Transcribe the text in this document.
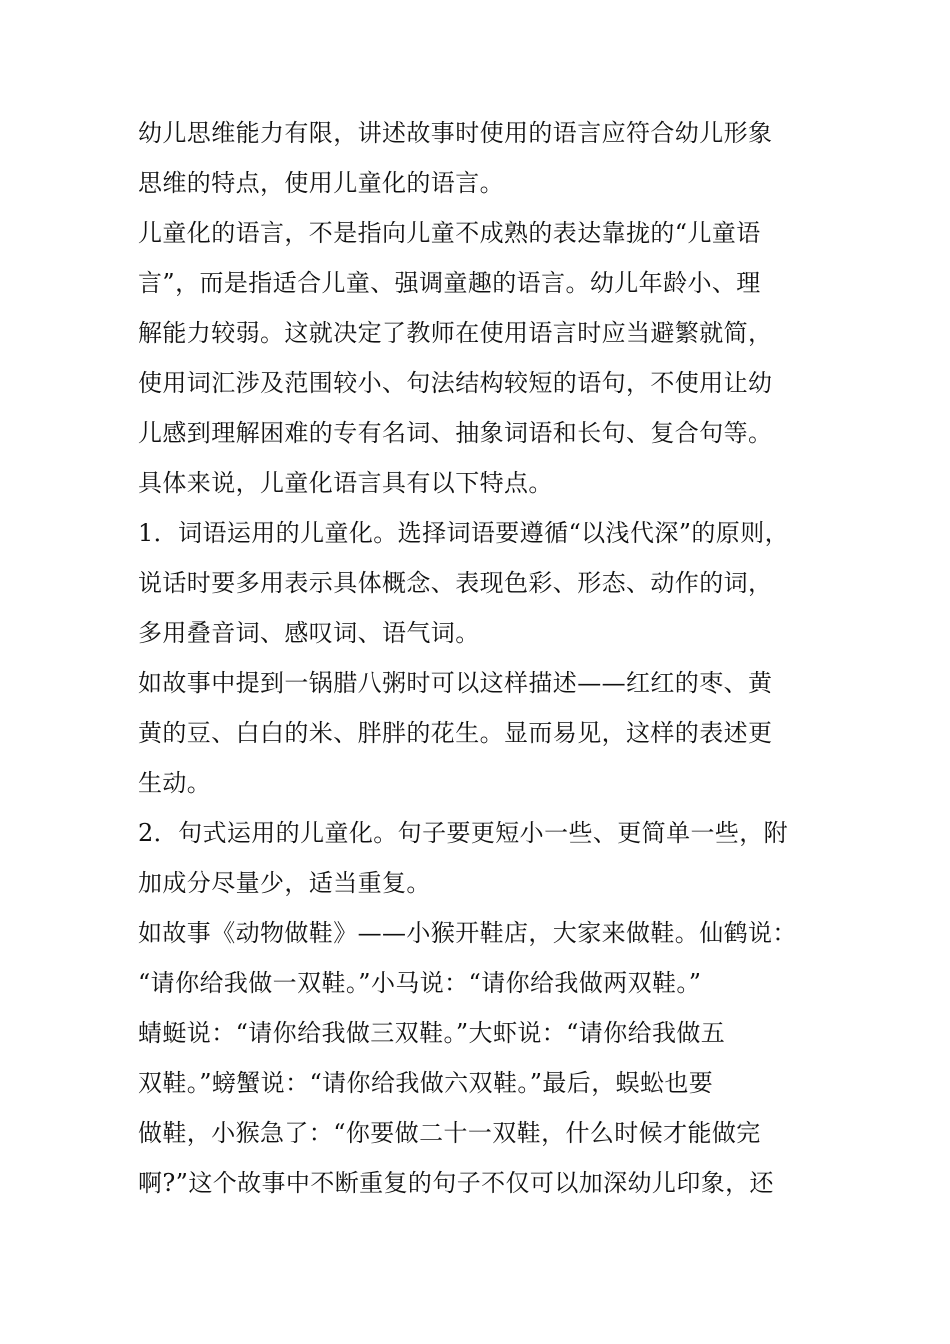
幼儿思维能力有限，讲述故事时使用的语言应符合幼儿形象

思维的特点，使用儿童化的语言。

儿童化的语言，不是指向儿童不成熟的表达靠拢的“儿童语

言”，而是指适合儿童、强调童趣的语言。幼儿年龄小、理

解能力较弱。这就决定了教师在使用语言时应当避繁就简，

使用词汇涉及范围较小、句法结构较短的语句，不使用让幼

儿感到理解困难的专有名词、抽象词语和长句、复合句等。

具体来说，儿童化语言具有以下特点。

1．词语运用的儿童化。选择词语要遵循“以浅代深”的原则，

说话时要多用表示具体概念、表现色彩、形态、动作的词，

多用叠音词、感叹词、语气词。

如故事中提到一锅腊八粥时可以这样描述——红红的枣、黄

黄的豆、白白的米、胖胖的花生。显而易见，这样的表述更

生动。

2．句式运用的儿童化。句子要更短小一些、更简单一些，附

加成分尽量少，适当重复。

如故事《动物做鞋》——小猴开鞋店，大家来做鞋。仙鹤说：

“请你给我做一双鞋。”小马说：“请你给我做两双鞋。”

蜻蜓说：“请你给我做三双鞋。”大虾说：“请你给我做五

双鞋。”螃蟹说：“请你给我做六双鞋。”最后，蜈蚣也要

做鞋，小猴急了：“你要做二十一双鞋，什么时候才能做完

啊?”这个故事中不断重复的句子不仅可以加深幼儿印象，还
